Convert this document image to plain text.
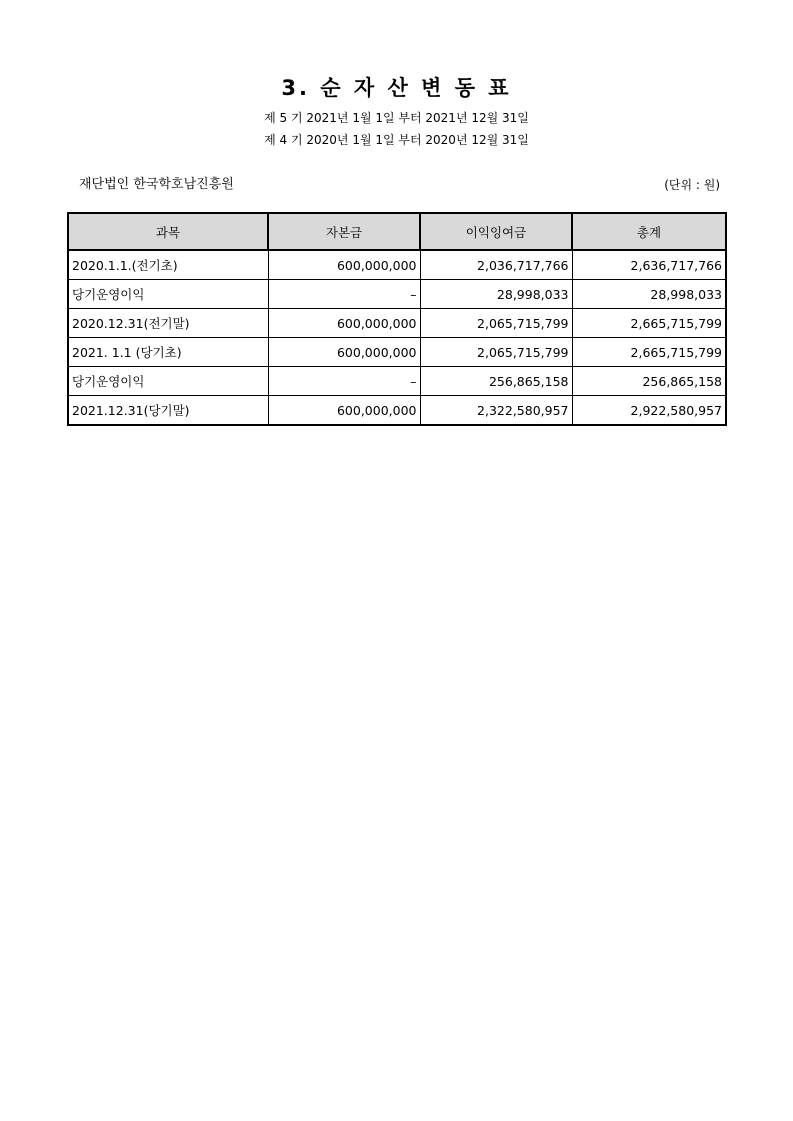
3. 순 자 산 변 동 표
제 5 기 2021년 1월 1일 부터 2021년 12월 31일
제 4 기 2020년 1월 1일 부터 2020년 12월 31일
재단법인 한국학호남진흥원	(단위 : 원)
과목	자본금	이익잉여금	총계
2020.1.1.(전기초)	600,000,000	2,036,717,766	2,636,717,766
당기운영이익	–	28,998,033	28,998,033
2020.12.31(전기말)	600,000,000	2,065,715,799	2,665,715,799
2021. 1.1 (당기초)	600,000,000	2,065,715,799	2,665,715,799
당기운영이익	–	256,865,158	256,865,158
2021.12.31(당기말)	600,000,000	2,322,580,957	2,922,580,957
